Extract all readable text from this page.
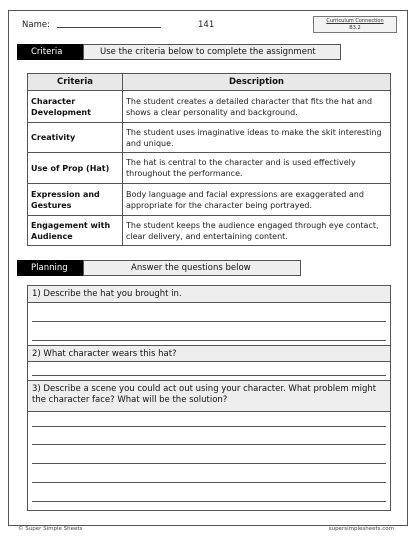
Name:	141	Curriculum Connection
B3.2
Criteria	Use the criteria below to complete the assignment
Criteria	Description
Character Development	The student creates a detailed character that fits the hat and shows a clear personality and background.
Creativity	The student uses imaginative ideas to make the skit interesting and unique.
Use of Prop (Hat)	The hat is central to the character and is used effectively throughout the performance.
Expression and Gestures	Body language and facial expressions are exaggerated and appropriate for the character being portrayed.
Engagement with Audience	The student keeps the audience engaged through eye contact, clear delivery, and entertaining content.
Planning	Answer the questions below
1) Describe the hat you brought in.
2) What character wears this hat?
3) Describe a scene you could act out using your character. What problem might the character face? What will be the solution?
© Super Simple Sheets	supersimplesheets.com
